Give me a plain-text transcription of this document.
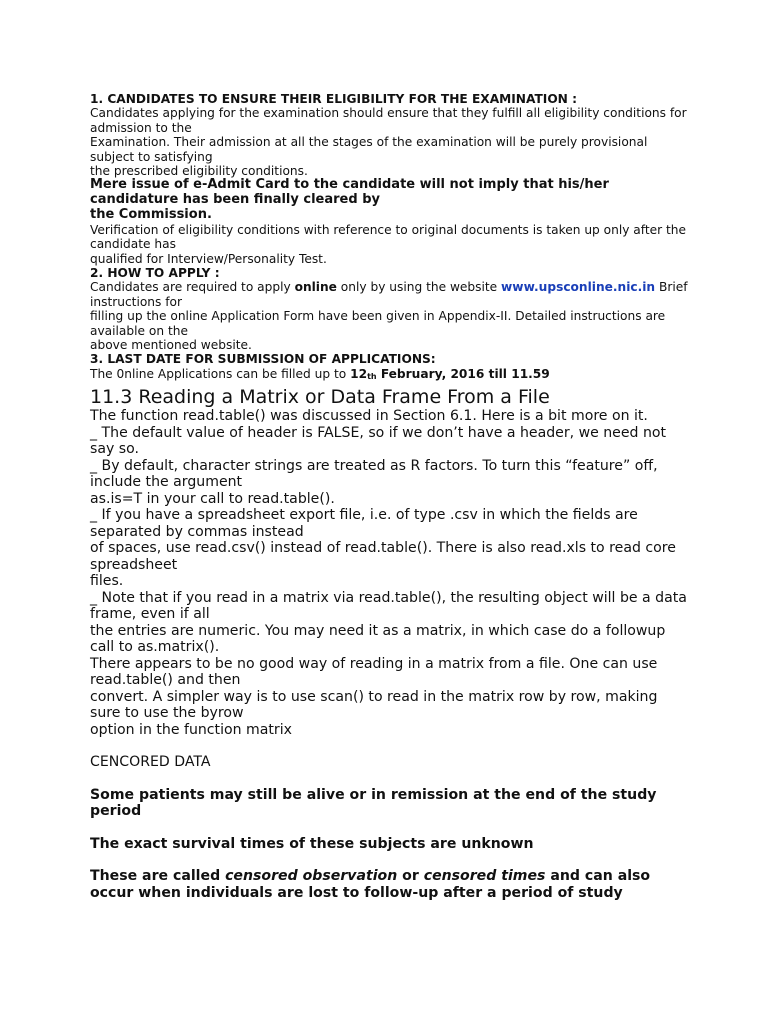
1. CANDIDATES TO ENSURE THEIR ELIGIBILITY FOR THE EXAMINATION :

Candidates applying for the examination should ensure that they fulfill all eligibility conditions for admission to the

Examination. Their admission at all the stages of the examination will be purely provisional subject to satisfying

the prescribed eligibility conditions.

Mere issue of e-Admit Card to the candidate will not imply that his/her candidature has been finally cleared by

the Commission.

Verification of eligibility conditions with reference to original documents is taken up only after the candidate has

qualified for Interview/Personality Test.

2. HOW TO APPLY :

Candidates are required to apply online only by using the website www.upsconline.nic.in Brief instructions for

filling up the online Application Form have been given in Appendix-II. Detailed instructions are available on the

above mentioned website.

3. LAST DATE FOR SUBMISSION OF APPLICATIONS:

The 0nline Applications can be filled up to $12_{th}$ February, 2016 till 11.59

11.3 Reading a Matrix or Data Frame From a File

The function read.table() was discussed in Section 6.1. Here is a bit more on it.

_ The default value of header is FALSE, so if we don’t have a header, we need not say so.

_ By default, character strings are treated as R factors. To turn this “feature” off, include the argument

as.is=T in your call to read.table().

_ If you have a spreadsheet export file, i.e. of type .csv in which the fields are separated by commas instead

of spaces, use read.csv() instead of read.table(). There is also read.xls to read core spreadsheet

files.

_ Note that if you read in a matrix via read.table(), the resulting object will be a data frame, even if all

the entries are numeric. You may need it as a matrix, in which case do a followup call to as.matrix().

There appears to be no good way of reading in a matrix from a file. One can use read.table() and then

convert. A simpler way is to use scan() to read in the matrix row by row, making sure to use the byrow

option in the function matrix

CENCORED DATA

Some patients may still be alive or in remission at the end of the study period

The exact survival times of these subjects are unknown

These are called censored observation or censored times and can also occur when individuals are lost to follow-up after a period of study
